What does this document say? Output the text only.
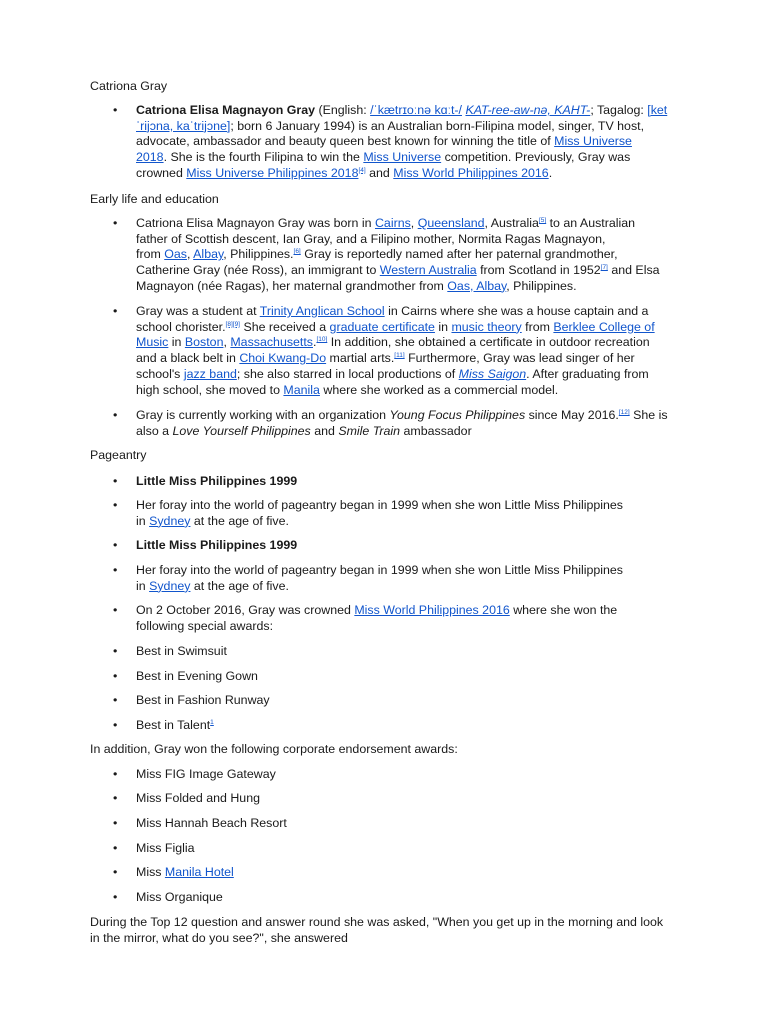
Catriona Gray
• Catriona Elisa Magnayon Gray (English: /ˈkætrɪoːnə kɑːt-/ KAT-ree-aw-nə, KAHT-; Tagalog: [ket
ˈrijɔna, kaˈtrijɔne]; born 6 January 1994) is an Australian born-Filipina model, singer, TV host,
advocate, ambassador and beauty queen best known for winning the title of Miss Universe
2018. She is the fourth Filipina to win the Miss Universe competition. Previously, Gray was
crowned Miss Universe Philippines 2018[4] and Miss World Philippines 2016.
Early life and education
• Catriona Elisa Magnayon Gray was born in Cairns, Queensland, Australia[5] to an Australian
father of Scottish descent, Ian Gray, and a Filipino mother, Normita Ragas Magnayon,
from Oas, Albay, Philippines.[6] Gray is reportedly named after her paternal grandmother,
Catherine Gray (née Ross), an immigrant to Western Australia from Scotland in 1952[7] and Elsa
Magnayon (née Ragas), her maternal grandmother from Oas, Albay, Philippines.
• Gray was a student at Trinity Anglican School in Cairns where she was a house captain and a
school chorister.[8][9] She received a graduate certificate in music theory from Berklee College of
Music in Boston, Massachusetts.[10] In addition, she obtained a certificate in outdoor recreation
and a black belt in Choi Kwang-Do martial arts.[11] Furthermore, Gray was lead singer of her
school's jazz band; she also starred in local productions of Miss Saigon. After graduating from
high school, she moved to Manila where she worked as a commercial model.
• Gray is currently working with an organization Young Focus Philippines since May 2016.[12] She is
also a Love Yourself Philippines and Smile Train ambassador
Pageantry
• Little Miss Philippines 1999
• Her foray into the world of pageantry began in 1999 when she won Little Miss Philippines
in Sydney at the age of five.
• Little Miss Philippines 1999
• Her foray into the world of pageantry began in 1999 when she won Little Miss Philippines
in Sydney at the age of five.
• On 2 October 2016, Gray was crowned Miss World Philippines 2016 where she won the
following special awards:
• Best in Swimsuit
• Best in Evening Gown
• Best in Fashion Runway
• Best in Talent$^1$
In addition, Gray won the following corporate endorsement awards:
• Miss FIG Image Gateway
• Miss Folded and Hung
• Miss Hannah Beach Resort
• Miss Figlia
• Miss Manila Hotel
• Miss Organique
During the Top 12 question and answer round she was asked, "When you get up in the morning and look
in the mirror, what do you see?", she answered
